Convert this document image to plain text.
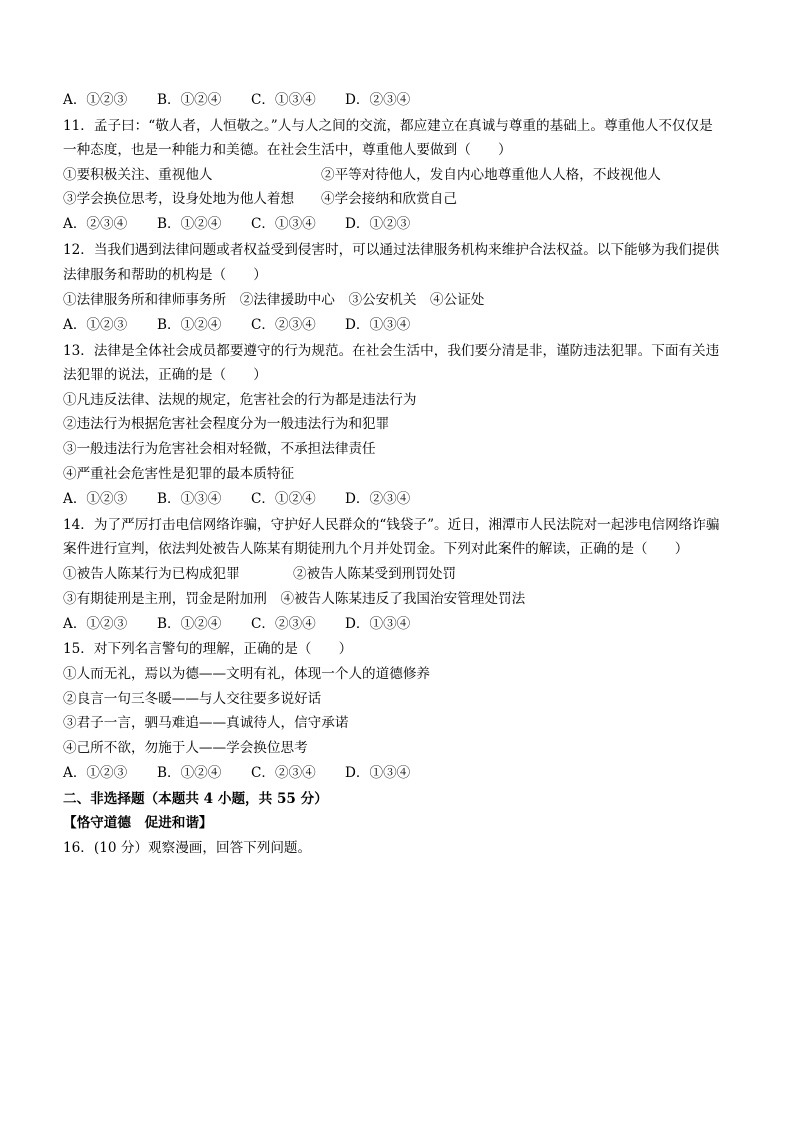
A．①②③ B．①②④ C．①③④ D．②③④
11．孟子曰：“敬人者，人恒敬之。”人与人之间的交流，都应建立在真诚与尊重的基础上。尊重他人不仅仅是
一种态度，也是一种能力和美德。在社会生活中，尊重他人要做到（　　）
①要积极关注、重视他人	②平等对待他人，发自内心地尊重他人人格，不歧视他人
③学会换位思考，设身处地为他人着想 ④学会接纳和欣赏自己
A．②③④ B．①②④ C．①③④ D．①②③
12．当我们遇到法律问题或者权益受到侵害时，可以通过法律服务机构来维护合法权益。以下能够为我们提供
法律服务和帮助的机构是（　　）
①法律服务所和律师事务所　②法律援助中心　③公安机关　④公证处
A．①②③ B．①②④ C．②③④ D．①③④
13．法律是全体社会成员都要遵守的行为规范。在社会生活中，我们要分清是非，谨防违法犯罪。下面有关违
法犯罪的说法，正确的是（　　）
①凡违反法律、法规的规定，危害社会的行为都是违法行为
②违法行为根据危害社会程度分为一般违法行为和犯罪
③一般违法行为危害社会相对轻微，不承担法律责任
④严重社会危害性是犯罪的最本质特征
A．①②③ B．①③④ C．①②④ D．②③④
14．为了严厉打击电信网络诈骗，守护好人民群众的“钱袋子”。近日，湘潭市人民法院对一起涉电信网络诈骗
案件进行宣判，依法判处被告人陈某有期徒刑九个月并处罚金。下列对此案件的解读，正确的是（　　）
①被告人陈某行为已构成犯罪	②被告人陈某受到刑罚处罚
③有期徒刑是主刑，罚金是附加刑　④被告人陈某违反了我国治安管理处罚法
A．①②③ B．①②④ C．②③④ D．①③④
15．对下列名言警句的理解，正确的是（　　）
①人而无礼，焉以为德——文明有礼，体现一个人的道德修养
②良言一句三冬暖——与人交往要多说好话
③君子一言，驷马难追——真诚待人，信守承诺
④己所不欲，勿施于人——学会换位思考
A．①②③ B．①②④ C．②③④ D．①③④
二、非选择题（本题共 4 小题，共 55 分）
【恪守道德　促进和谐】
16．(10 分）观察漫画，回答下列问题。
